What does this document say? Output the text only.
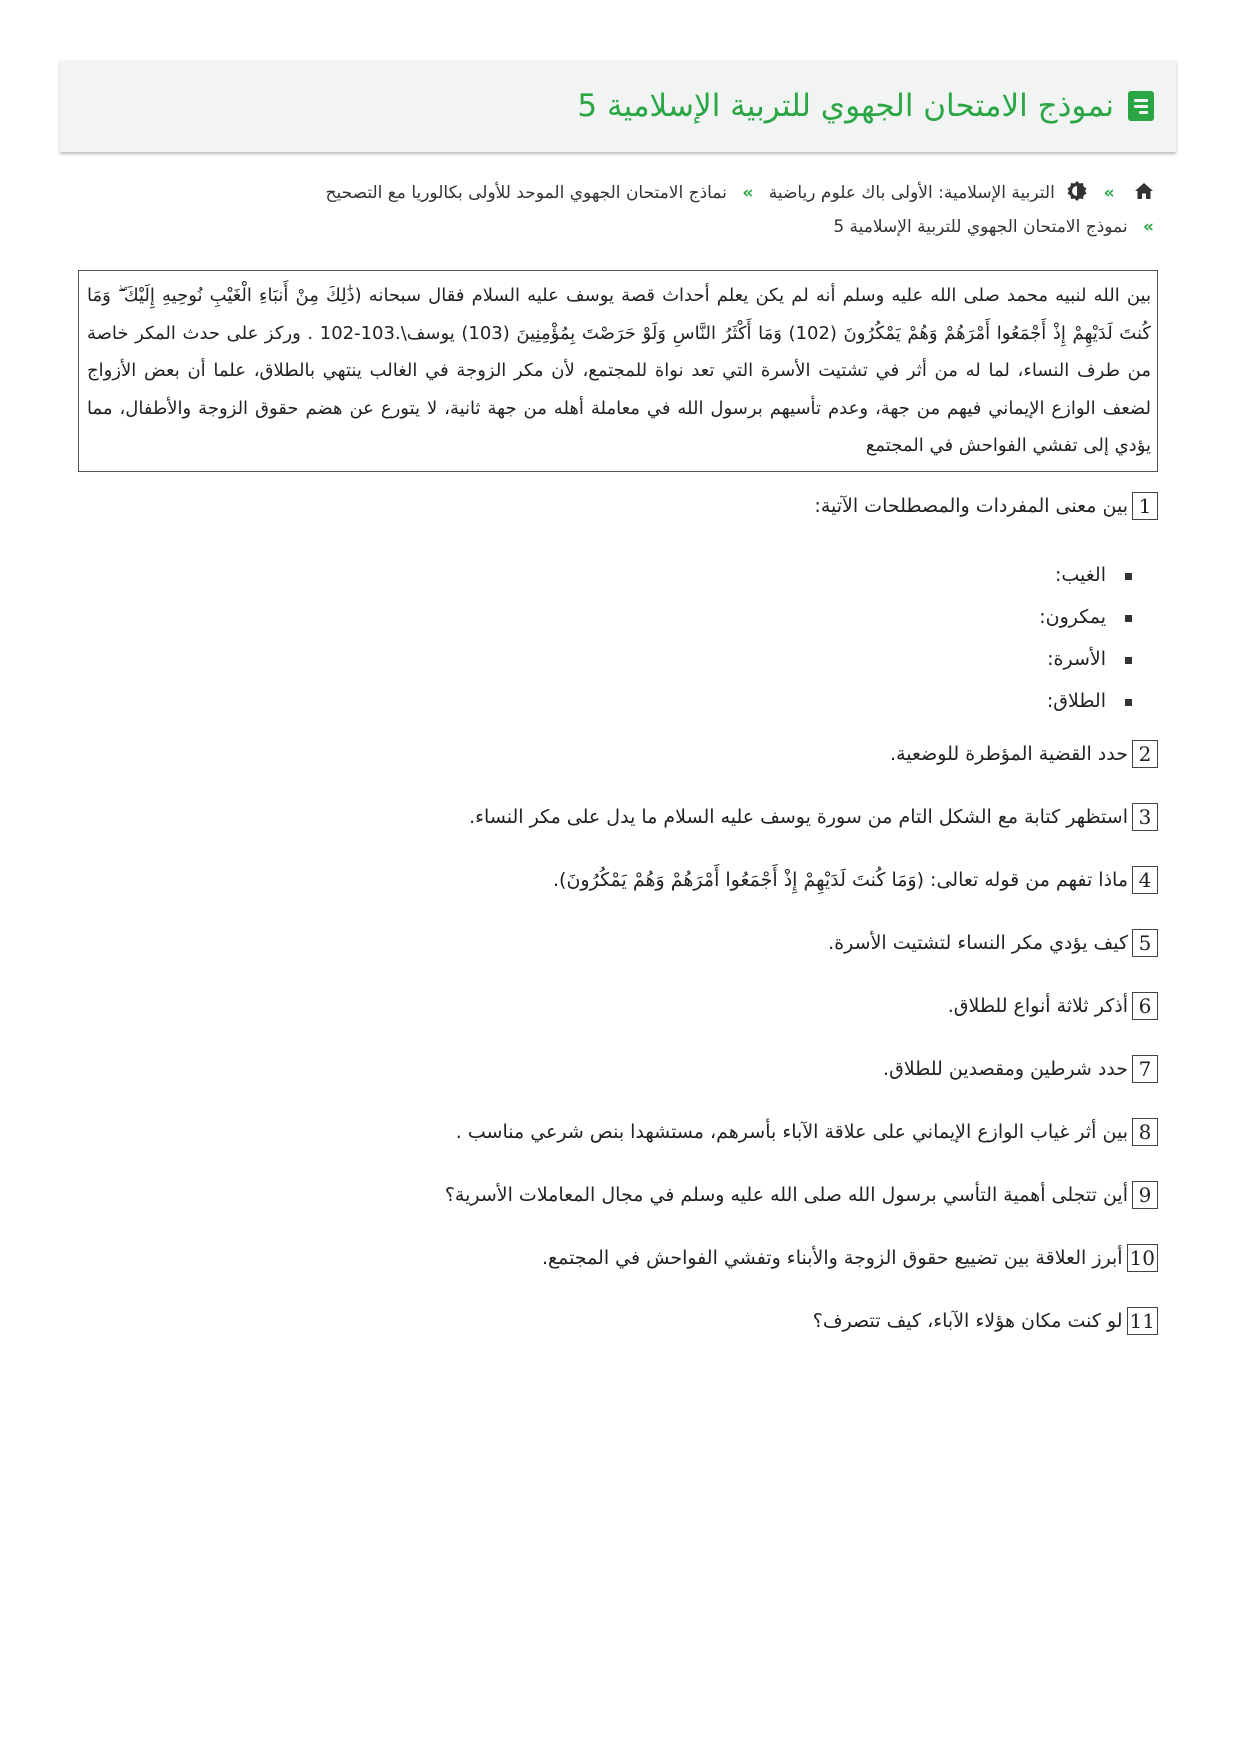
نموذج الامتحان الجهوي للتربية الإسلامية 5
»  التربية الإسلامية: الأولى باك علوم رياضية » نماذج الامتحان الجهوي الموحد للأولى بكالوريا مع التصحيح
» نموذج الامتحان الجهوي للتربية الإسلامية 5
بين الله لنبيه محمد صلى الله عليه وسلم أنه لم يكن يعلم أحداث قصة يوسف عليه السلام فقال سبحانه (ذَٰلِكَ مِنْ أَنبَاءِ الْغَيْبِ نُوحِيهِ إِلَيْكَ ۖ وَمَا كُنتَ لَدَيْهِمْ إِذْ أَجْمَعُوا أَمْرَهُمْ وَهُمْ يَمْكُرُونَ (102) وَمَا أَكْثَرُ النَّاسِ وَلَوْ حَرَصْتَ بِمُؤْمِنِينَ (103) يوسف\.103-102 . وركز على حدث المكر خاصة من طرف النساء، لما له من أثر في تشتيت الأسرة التي تعد نواة للمجتمع، لأن مكر الزوجة في الغالب ينتهي بالطلاق، علما أن بعض الأزواج لضعف الوازع الإيماني فيهم من جهة، وعدم تأسيهم برسول الله في معاملة أهله من جهة ثانية، لا يتورع عن هضم حقوق الزوجة والأطفال، مما يؤدي إلى تفشي الفواحش في المجتمع
1
بين معنى المفردات والمصطلحات الآتية:
الغيب:
يمكرون:
الأسرة:
الطلاق:
2
حدد القضية المؤطرة للوضعية.
3
استظهر كتابة مع الشكل التام من سورة يوسف عليه السلام ما يدل على مكر النساء.
4
ماذا تفهم من قوله تعالى: (وَمَا كُنتَ لَدَيْهِمْ إِذْ أَجْمَعُوا أَمْرَهُمْ وَهُمْ يَمْكُرُونَ).
5
كيف يؤدي مكر النساء لتشتيت الأسرة.
6
أذكر ثلاثة أنواع للطلاق.
7
حدد شرطين ومقصدين للطلاق.
8
بين أثر غياب الوازع الإيماني على علاقة الآباء بأسرهم، مستشهدا بنص شرعي مناسب .
9
أين تتجلى أهمية التأسي برسول الله صلى الله عليه وسلم في مجال المعاملات الأسرية؟
10
أبرز العلاقة بين تضييع حقوق الزوجة والأبناء وتفشي الفواحش في المجتمع.
11
لو كنت مكان هؤلاء الآباء، كيف تتصرف؟
